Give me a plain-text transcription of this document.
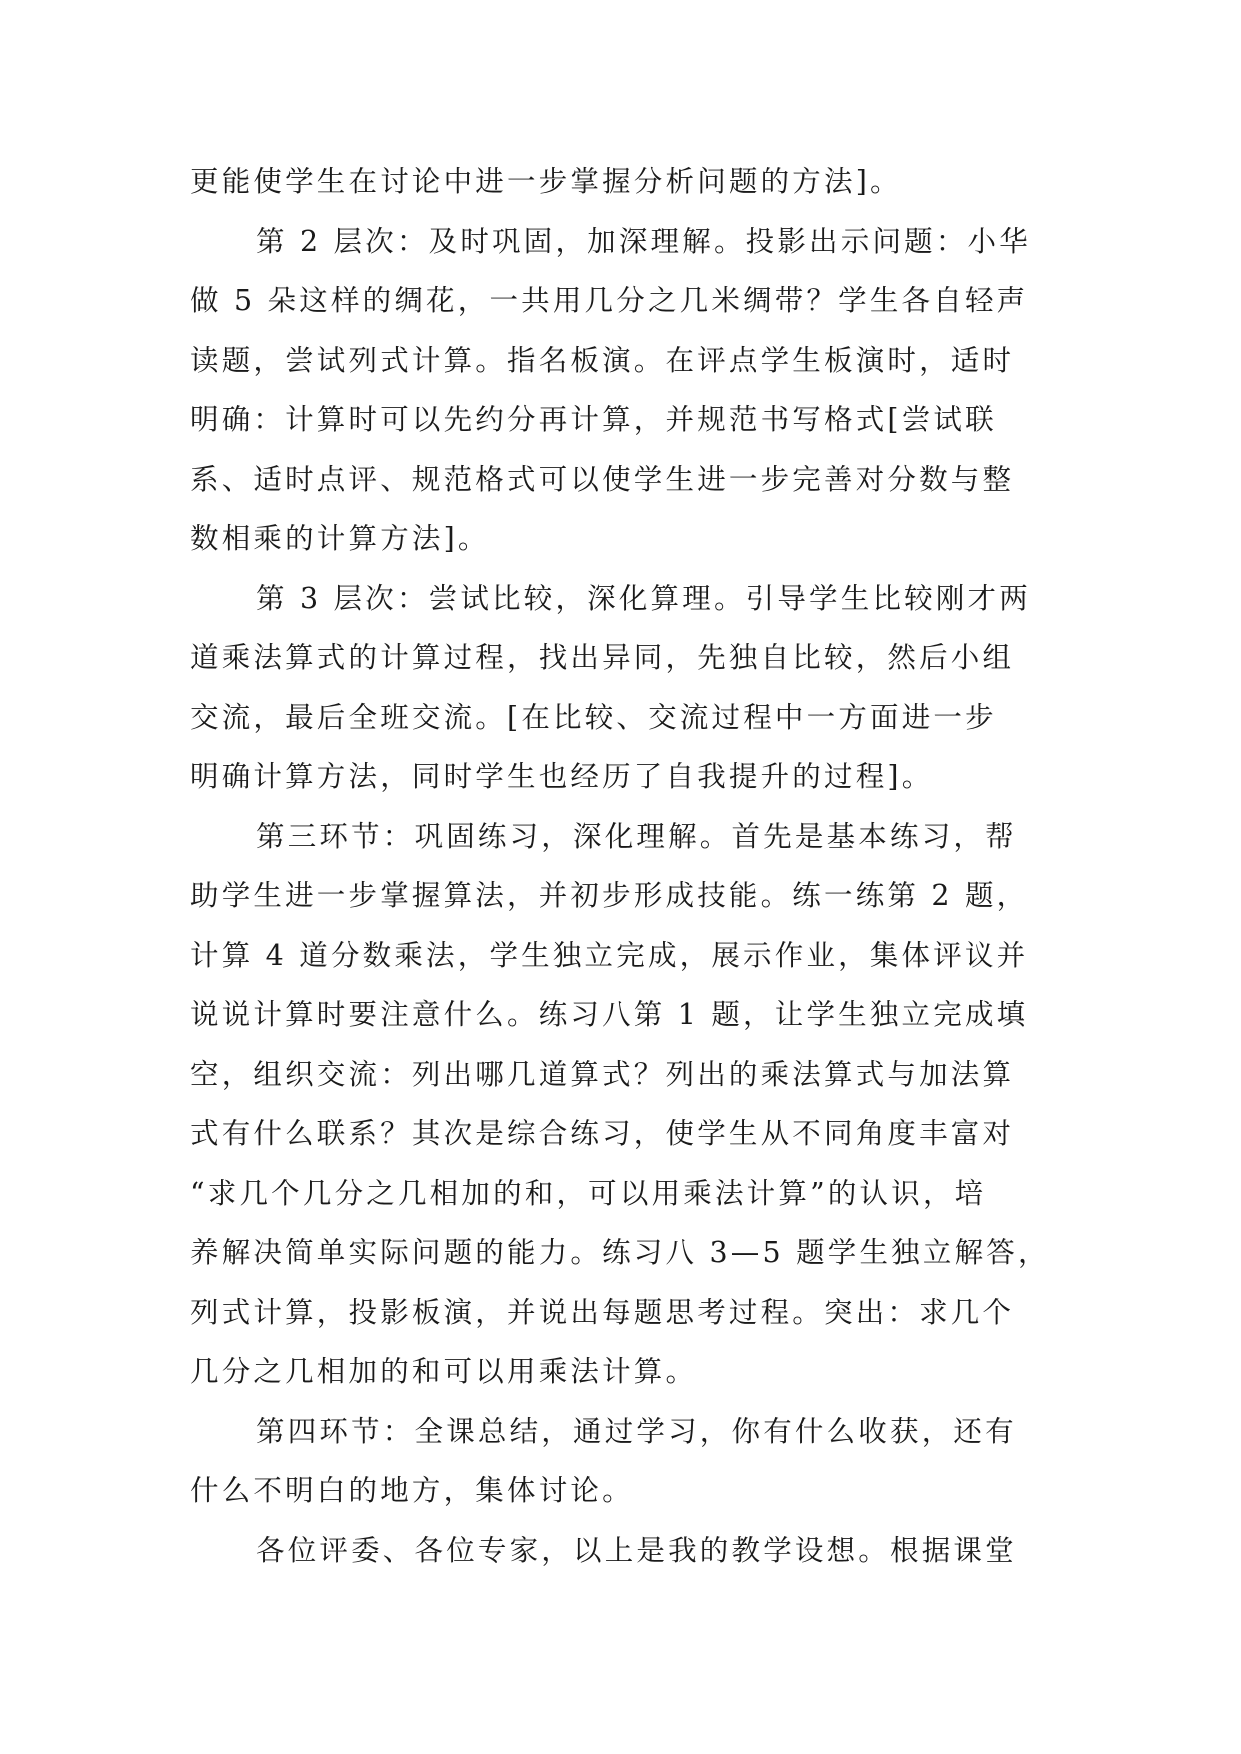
更能使学生在讨论中进一步掌握分析问题的方法]。
第 2 层次：及时巩固，加深理解。投影出示问题：小华
做 5 朵这样的绸花，一共用几分之几米绸带？学生各自轻声
读题，尝试列式计算。指名板演。在评点学生板演时，适时
明确：计算时可以先约分再计算，并规范书写格式[尝试联
系、适时点评、规范格式可以使学生进一步完善对分数与整
数相乘的计算方法]。
第 3 层次：尝试比较，深化算理。引导学生比较刚才两
道乘法算式的计算过程，找出异同，先独自比较，然后小组
交流，最后全班交流。[在比较、交流过程中一方面进一步
明确计算方法，同时学生也经历了自我提升的过程]。
第三环节：巩固练习，深化理解。首先是基本练习，帮
助学生进一步掌握算法，并初步形成技能。练一练第 2 题，
计算 4 道分数乘法，学生独立完成，展示作业，集体评议并
说说计算时要注意什么。练习八第 1 题，让学生独立完成填
空，组织交流：列出哪几道算式？列出的乘法算式与加法算
式有什么联系？其次是综合练习，使学生从不同角度丰富对
“求几个几分之几相加的和，可以用乘法计算”的认识，培
养解决简单实际问题的能力。练习八 3—5 题学生独立解答，
列式计算，投影板演，并说出每题思考过程。突出：求几个
几分之几相加的和可以用乘法计算。
第四环节：全课总结，通过学习，你有什么收获，还有
什么不明白的地方，集体讨论。
各位评委、各位专家，以上是我的教学设想。根据课堂
